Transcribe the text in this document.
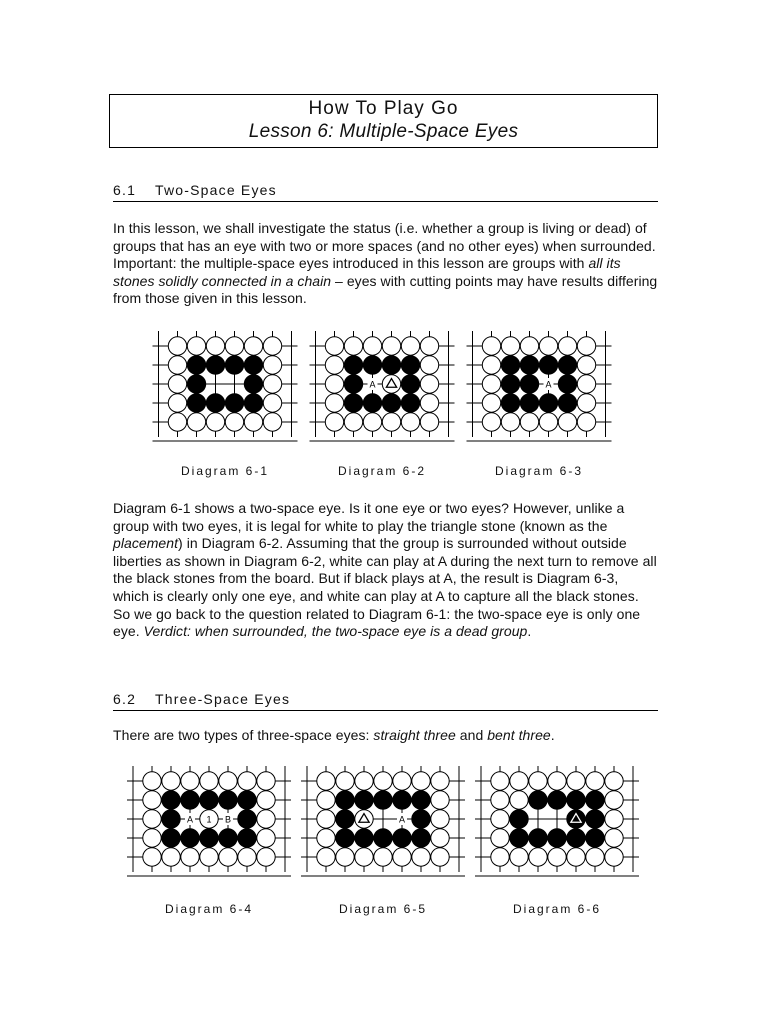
How To Play Go
Lesson 6: Multiple-Space Eyes
6.1 Two-Space Eyes

In this lesson, we shall investigate the status (i.e. whether a group is living or dead) of groups that has an eye with two or more spaces (and no other eyes) when surrounded. Important: the multiple-space eyes introduced in this lesson are groups with all its stones solidly connected in a chain – eyes with cutting points may have results differing from those given in this lesson.

A	A
Diagram 6-1	Diagram 6-2	Diagram 6-3

Diagram 6-1 shows a two-space eye. Is it one eye or two eyes? However, unlike a group with two eyes, it is legal for white to play the triangle stone (known as the placement) in Diagram 6-2. Assuming that the group is surrounded without outside liberties as shown in Diagram 6-2, white can play at A during the next turn to remove all the black stones from the board. But if black plays at A, the result is Diagram 6-3, which is clearly only one eye, and white can play at A to capture all the black stones. So we go back to the question related to Diagram 6-1: the two-space eye is only one eye. Verdict: when surrounded, the two-space eye is a dead group.

6.2 Three-Space Eyes

There are two types of three-space eyes: straight three and bent three.

A 1 B	A
Diagram 6-4	Diagram 6-5	Diagram 6-6
